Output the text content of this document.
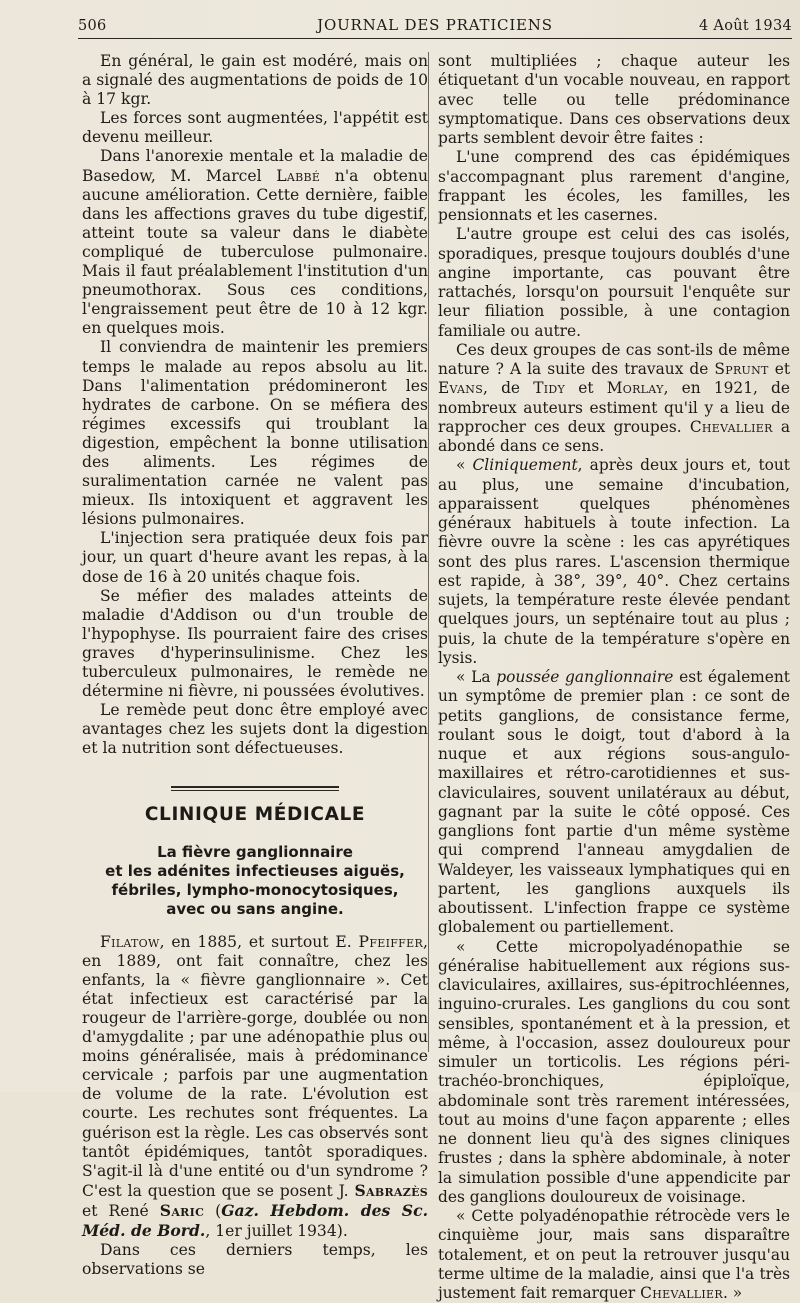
506	JOURNAL DES PRATICIENS	4 Août 1934

En général, le gain est modéré, mais on a signalé des augmentations de poids de 10 à 17 kgr.

Les forces sont augmentées, l'appétit est devenu meilleur.

Dans l'anorexie mentale et la maladie de Basedow, M. Marcel Labbé n'a obtenu aucune amélioration. Cette dernière, faible dans les affections graves du tube digestif, atteint toute sa valeur dans le diabète compliqué de tuberculose pulmonaire. Mais il faut préalablement l'institution d'un pneumothorax. Sous ces conditions, l'engraissement peut être de 10 à 12 kgr. en quelques mois.

Il conviendra de maintenir les premiers temps le malade au repos absolu au lit. Dans l'alimentation prédomineront les hydrates de carbone. On se méfiera des régimes excessifs qui troublant la digestion, empêchent la bonne utilisation des aliments. Les régimes de suralimentation carnée ne valent pas mieux. Ils intoxiquent et aggravent les lésions pulmonaires.

L'injection sera pratiquée deux fois par jour, un quart d'heure avant les repas, à la dose de 16 à 20 unités chaque fois.

Se méfier des malades atteints de maladie d'Addison ou d'un trouble de l'hypophyse. Ils pourraient faire des crises graves d'hyperinsulinisme. Chez les tuberculeux pulmonaires, le remède ne détermine ni fièvre, ni poussées évolutives.

Le remède peut donc être employé avec avantages chez les sujets dont la digestion et la nutrition sont défectueuses.

CLINIQUE MÉDICALE
La fièvre ganglionnaire
et les adénites infectieuses aiguës,
fébriles, lympho-monocytosiques,
avec ou sans angine.

Filatow, en 1885, et surtout E. Pfeiffer, en 1889, ont fait connaître, chez les enfants, la « fièvre ganglionnaire ». Cet état infectieux est caractérisé par la rougeur de l'arrière-gorge, doublée ou non d'amygdalite ; par une adénopathie plus ou moins généralisée, mais à prédominance cervicale ; parfois par une augmentation de volume de la rate. L'évolution est courte. Les rechutes sont fréquentes. La guérison est la règle. Les cas observés sont tantôt épidémiques, tantôt sporadiques. S'agit-il là d'une entité ou d'un syndrome ? C'est la question que se posent J. Sabrazès et René Saric (Gaz. Hebdom. des Sc. Méd. de Bord., 1er juillet 1934).

Dans ces derniers temps, les observations se

sont multipliées ; chaque auteur les étiquetant d'un vocable nouveau, en rapport avec telle ou telle prédominance symptomatique. Dans ces observations deux parts semblent devoir être faites :

L'une comprend des cas épidémiques s'accompagnant plus rarement d'angine, frappant les écoles, les familles, les pensionnats et les casernes.

L'autre groupe est celui des cas isolés, sporadiques, presque toujours doublés d'une angine importante, cas pouvant être rattachés, lorsqu'on poursuit l'enquête sur leur filiation possible, à une contagion familiale ou autre.

Ces deux groupes de cas sont-ils de même nature ? A la suite des travaux de Sprunt et Evans, de Tidy et Morlay, en 1921, de nombreux auteurs estiment qu'il y a lieu de rapprocher ces deux groupes. Chevallier a abondé dans ce sens.

« Cliniquement, après deux jours et, tout au plus, une semaine d'incubation, apparaissent quelques phénomènes généraux habituels à toute infection. La fièvre ouvre la scène : les cas apyrétiques sont des plus rares. L'ascension thermique est rapide, à 38°, 39°, 40°. Chez certains sujets, la température reste élevée pendant quelques jours, un septénaire tout au plus ; puis, la chute de la température s'opère en lysis.

« La poussée ganglionnaire est également un symptôme de premier plan : ce sont de petits ganglions, de consistance ferme, roulant sous le doigt, tout d'abord à la nuque et aux régions sous-angulo-maxillaires et rétro-carotidiennes et sus-claviculaires, souvent unilatéraux au début, gagnant par la suite le côté opposé. Ces ganglions font partie d'un même système qui comprend l'anneau amygdalien de Waldeyer, les vaisseaux lymphatiques qui en partent, les ganglions auxquels ils aboutissent. L'infection frappe ce système globalement ou partiellement.

« Cette micropolyadénopathie se généralise habituellement aux régions sus-claviculaires, axillaires, sus-épitrochléennes, inguino-crurales. Les ganglions du cou sont sensibles, spontanément et à la pression, et même, à l'occasion, assez douloureux pour simuler un torticolis. Les régions péri-trachéo-bronchiques, épiploïque, abdominale sont très rarement intéressées, tout au moins d'une façon apparente ; elles ne donnent lieu qu'à des signes cliniques frustes ; dans la sphère abdominale, à noter la simulation possible d'une appendicite par des ganglions douloureux de voisinage.

« Cette polyadénopathie rétrocède vers le cinquième jour, mais sans disparaître totalement, et on peut la retrouver jusqu'au terme ultime de la maladie, ainsi que l'a très justement fait remarquer Chevallier. »
